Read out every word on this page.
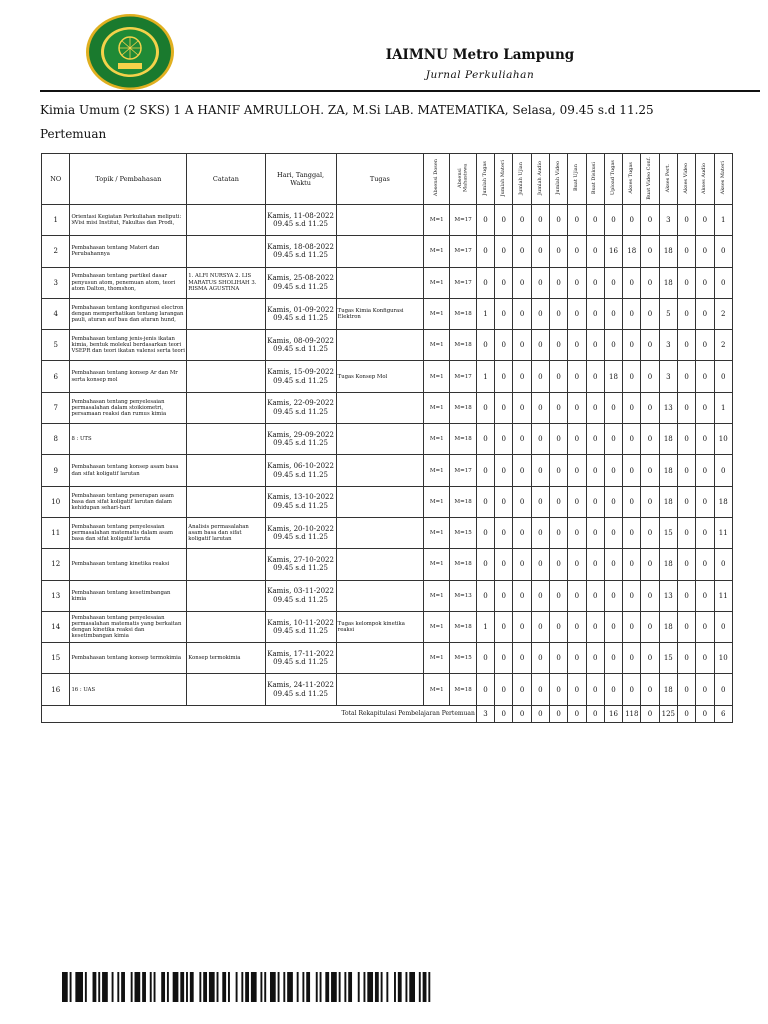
IAIMNU Metro Lampung
Jurnal Perkuliahan
Kimia Umum (2 SKS) 1 A HANIF AMRULLOH. ZA, M.Si LAB. MATEMATIKA, Selasa, 09.45 s.d 11.25
Pertemuan
NO	Topik / Pembahasan	Catatan	Hari, Tanggal, Waktu	Tugas	Absensi Dosen	Absensi Mahasiswa	Jumlah Tugas	Jumlah Materi	Jumlah Ujian	Jumlah Audio	Jumlah Video	Buat Ujian	Buat Diskusi	Upload Tugas	Akses Tugas	Buat Video Conf.	Akses Pert.	Akses Video	Akses Audio	Akses Materi
1	Orientasi Kegiatan Perkuliahan meliputi: ꞰVisi misi Institut, Fakultas dan Prodi,		Kamis, 11-08-2022
09.45 s.d 11.25		M=1	M=17	0	0	0	0	0	0	0	0	0	0	3	0	0	1
2	Pembahasan tentang Materi dan Perubahannya		Kamis, 18-08-2022
09.45 s.d 11.25		M=1	M=17	0	0	0	0	0	0	0	16	18	0	18	0	0	0
3	Pembahasan tentang partikel dasar penyusun atom, penemuan atom, teori atom Dalton, thomshon,	1. ALFI NURSYA 2. LIS MARATUS SHOLIHAH 3. RISMA AGUSTINA	Kamis, 25-08-2022
09.45 s.d 11.25		M=1	M=17	0	0	0	0	0	0	0	0	0	0	18	0	0	0
4	Pembahasan tentang konfigurasi electron dengan memperhatikan tentang larangan pauli, aturan auf bau dan aturan hund,		Kamis, 01-09-2022
09.45 s.d 11.25	Tugas Kimia Konfigurasi Elektron	M=1	M=18	1	0	0	0	0	0	0	0	0	0	5	0	0	2
5	Pembahasan tentang jenis-jenis ikatan kimia, bentuk molekul berdasarkan teori VSEPR dan teori ikatan valensi serta teori		Kamis, 08-09-2022
09.45 s.d 11.25		M=1	M=18	0	0	0	0	0	0	0	0	0	0	3	0	0	2
6	Pembahasan tentang konsep Ar dan Mr serta konsep mol		Kamis, 15-09-2022
09.45 s.d 11.25	Tugas Konsep Mol	M=1	M=17	1	0	0	0	0	0	0	18	0	0	3	0	0	0
7	Pembahasan tentang penyelesaian permasalahan dalam stoikiometri, persamaan reaksi dan rumus kimia		Kamis, 22-09-2022
09.45 s.d 11.25		M=1	M=18	0	0	0	0	0	0	0	0	0	0	13	0	0	1
8	8 : UTS		Kamis, 29-09-2022
09.45 s.d 11.25		M=1	M=18	0	0	0	0	0	0	0	0	0	0	18	0	0	10
9	Pembahasan tentang konsep asam basa dan sifat koligatif larutan		Kamis, 06-10-2022
09.45 s.d 11.25		M=1	M=17	0	0	0	0	0	0	0	0	0	0	18	0	0	0
10	Pembahasan tentang penerapan asam basa dan sifat koligatif larutan dalam kehidupan sehari-hari		Kamis, 13-10-2022
09.45 s.d 11.25		M=1	M=18	0	0	0	0	0	0	0	0	0	0	18	0	0	18
11	Pembahasan tentang penyelesaian permasalahan matematis dalam asam basa dan sifat koligatif laruta	Analisis permasalahan asam basa dan sifat koligatif larutan	Kamis, 20-10-2022
09.45 s.d 11.25		M=1	M=15	0	0	0	0	0	0	0	0	0	0	15	0	0	11
12	Pembahasan tentang kinetika reaksi		Kamis, 27-10-2022
09.45 s.d 11.25		M=1	M=18	0	0	0	0	0	0	0	0	0	0	18	0	0	0
13	Pembahasan tentang kesetimbangan kimia		Kamis, 03-11-2022
09.45 s.d 11.25		M=1	M=13	0	0	0	0	0	0	0	0	0	0	13	0	0	11
14	Pembahasan tentang penyelesaian permasalahan matematis yang berkaitan dengan kinetika reaksi dan kesetimbangan kimia		Kamis, 10-11-2022
09.45 s.d 11.25	Tugas kelompok kinetika reaksi	M=1	M=18	1	0	0	0	0	0	0	0	0	0	18	0	0	0
15	Pembahasan tentang konsep termokimia	Konsep termokimia	Kamis, 17-11-2022
09.45 s.d 11.25		M=1	M=15	0	0	0	0	0	0	0	0	0	0	15	0	0	10
16	16 : UAS		Kamis, 24-11-2022
09.45 s.d 11.25		M=1	M=18	0	0	0	0	0	0	0	0	0	0	18	0	0	0
Total Rekapitulasi Pembelajaran Pertemuan							3	0	0	0	0	0	0	16	118	0	125	0	0	6
